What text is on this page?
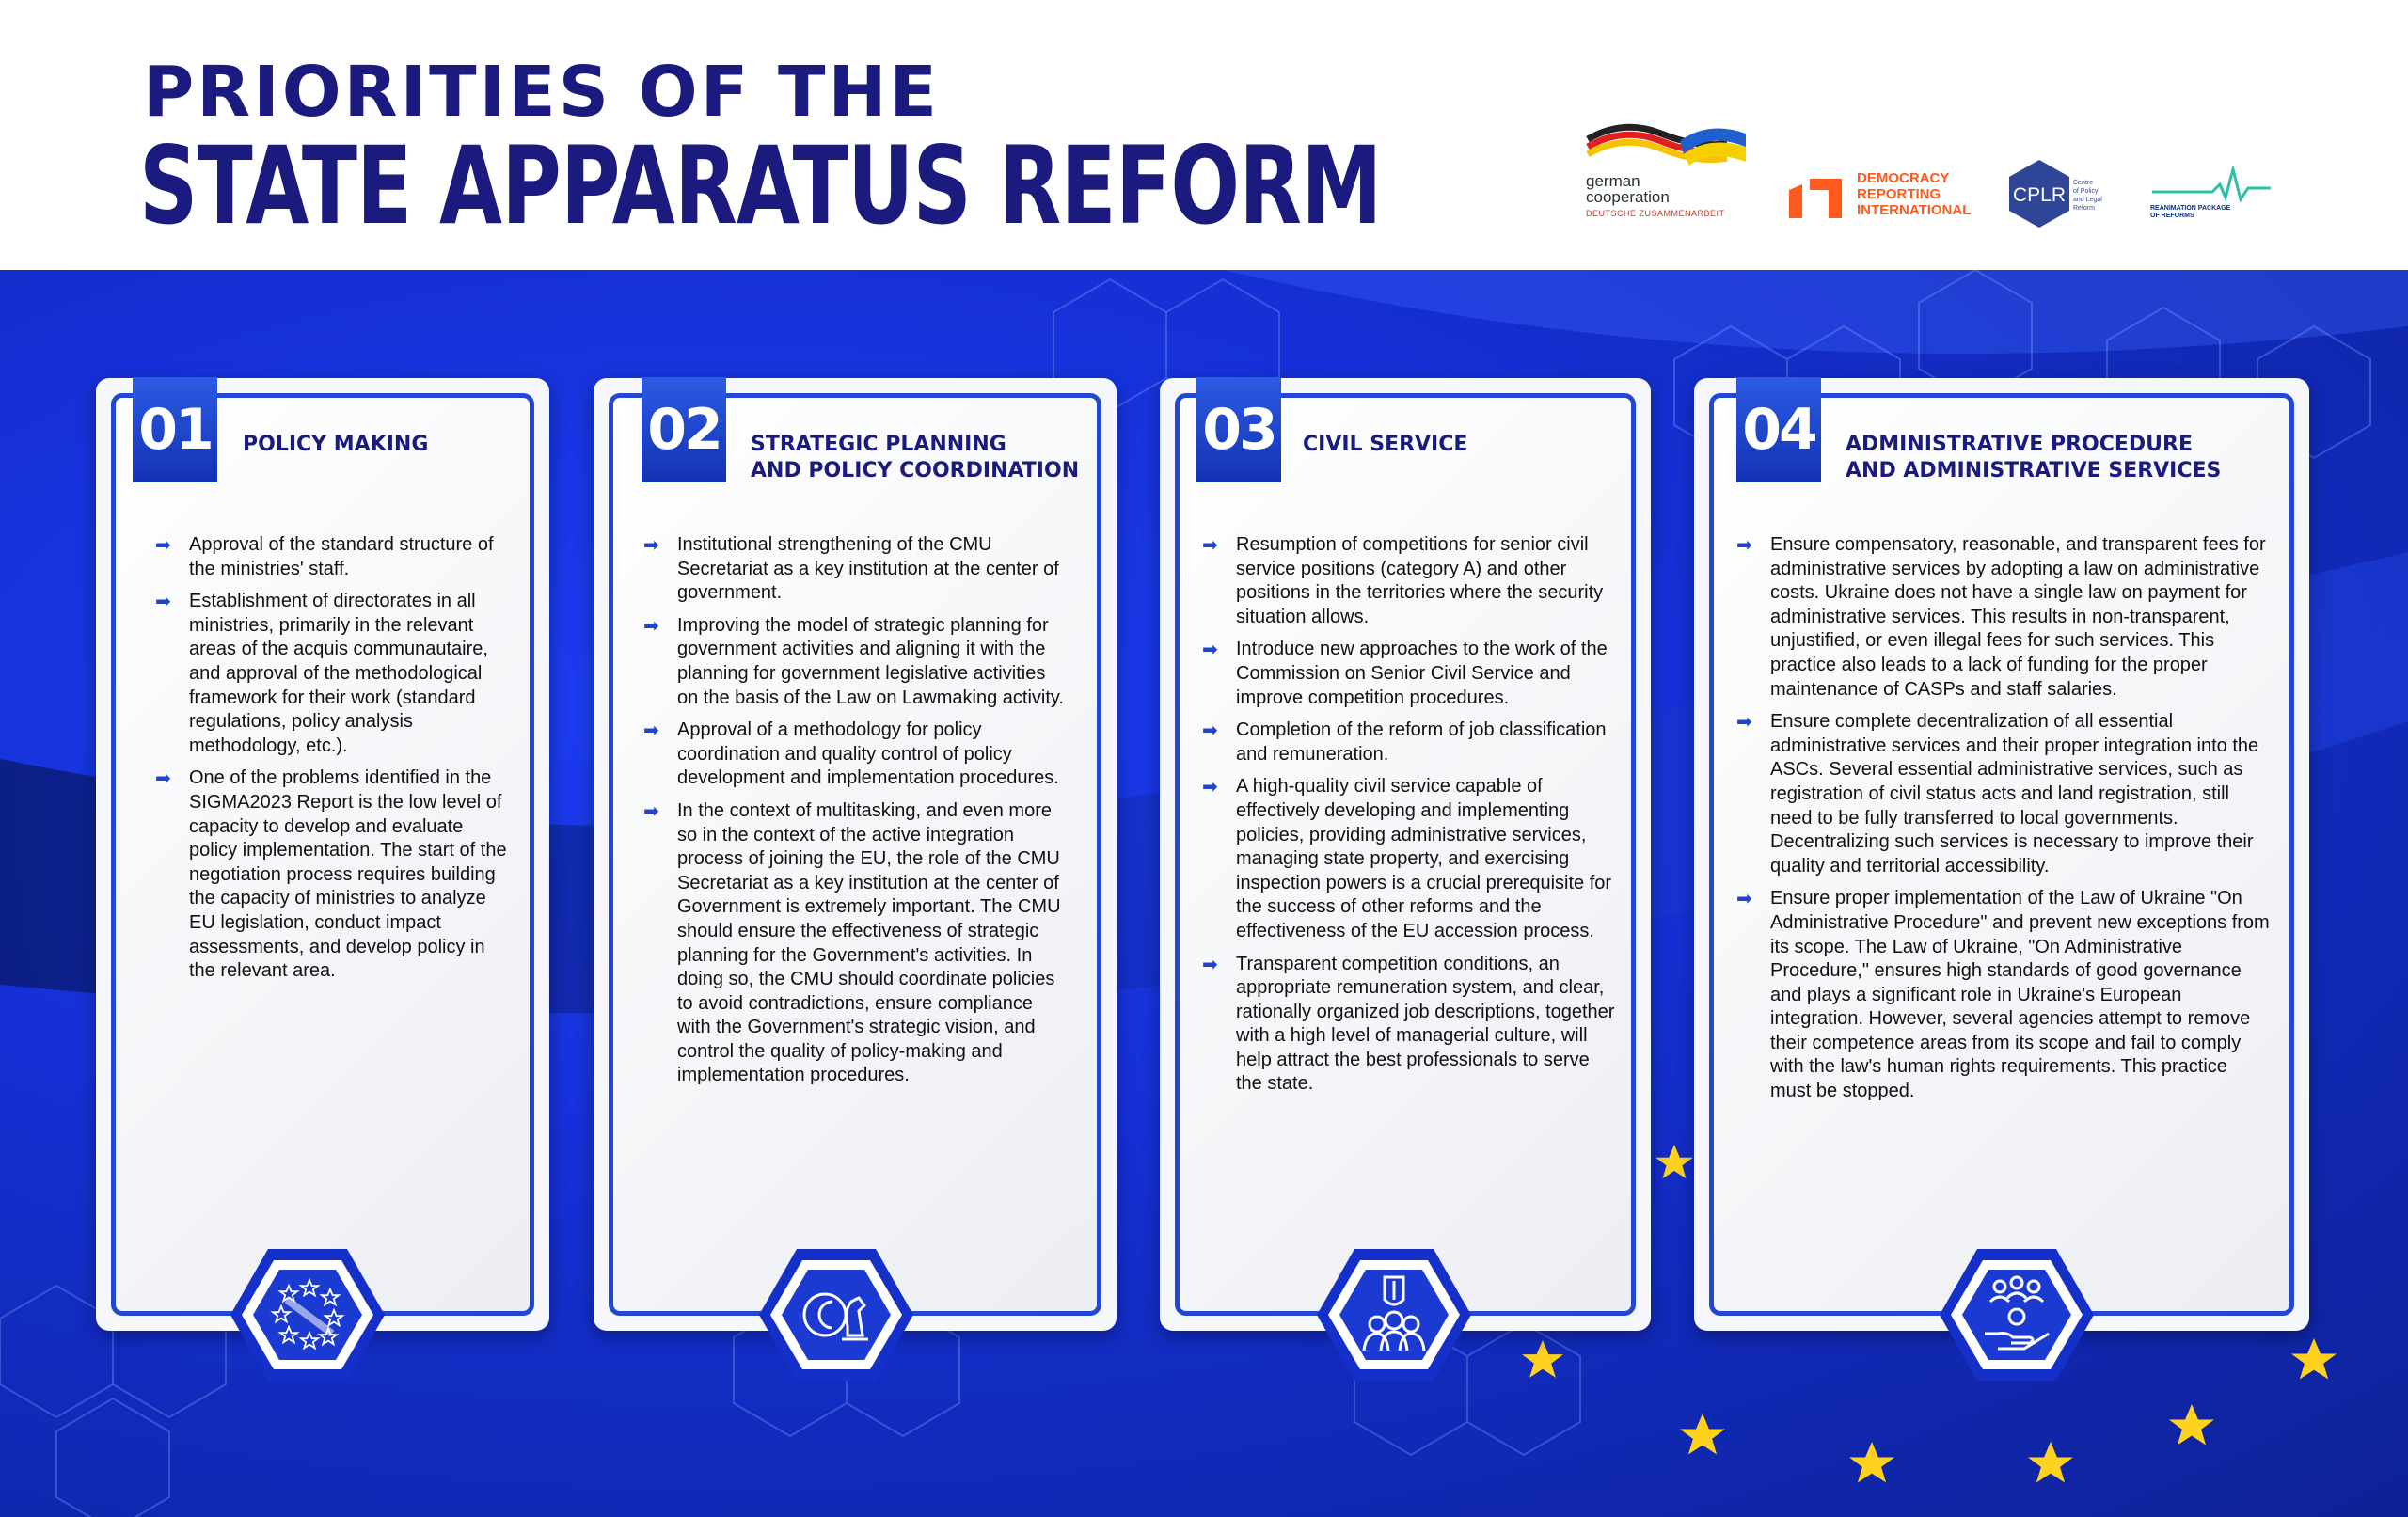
PRIORITIES OF THE
STATE APPARATUS REFORM	german
cooperation
DEUTSCHE ZUSAMMENARBEIT
DEMOCRACY
REPORTING
INTERNATIONAL
CPLR
Centre
of Policy
and Legal
Reform	REANIMATION PACKAGE
OF REFORMS
01 POLICY MAKING
➡ Approval of the standard structure of the ministries' staff.
➡ Establishment of directorates in all ministries, primarily in the relevant areas of the acquis communautaire, and approval of the methodological framework for their work (standard regulations, policy analysis methodology, etc.).
➡ One of the problems identified in the SIGMA2023 Report is the low level of capacity to develop and evaluate policy implementation. The start of the negotiation process requires building the capacity of ministries to analyze EU legislation, conduct impact assessments, and develop policy in the relevant area.
02 STRATEGIC PLANNING
AND POLICY COORDINATION
➡ Institutional strengthening of the CMU Secretariat as a key institution at the center of government.
➡ Improving the model of strategic planning for government activities and aligning it with the planning for government legislative activities on the basis of the Law on Lawmaking activity.
➡ Approval of a methodology for policy coordination and quality control of policy development and implementation procedures.
➡ In the context of multitasking, and even more so in the context of the active integration process of joining the EU, the role of the CMU Secretariat as a key institution at the center of Government is extremely important. The CMU should ensure the effectiveness of strategic planning for the Government's activities. In doing so, the CMU should coordinate policies to avoid contradictions, ensure compliance with the Government's strategic vision, and control the quality of policy-making and implementation procedures.
03 CIVIL SERVICE
➡ Resumption of competitions for senior civil service positions (category A) and other positions in the territories where the security situation allows.
➡ Introduce new approaches to the work of the Commission on Senior Civil Service and improve competition procedures.
➡ Completion of the reform of job classification and remuneration.
➡ A high-quality civil service capable of effectively developing and implementing policies, providing administrative services, managing state property, and exercising inspection powers is a crucial prerequisite for the success of other reforms and the effectiveness of the EU accession process.
➡ Transparent competition conditions, an appropriate remuneration system, and clear, rationally organized job descriptions, together with a high level of managerial culture, will help attract the best professionals to serve the state.
04 ADMINISTRATIVE PROCEDURE
AND ADMINISTRATIVE SERVICES
➡ Ensure compensatory, reasonable, and transparent fees for administrative services by adopting a law on administrative costs. Ukraine does not have a single law on payment for administrative services. This results in non-transparent, unjustified, or even illegal fees for such services. This practice also leads to a lack of funding for the proper maintenance of CASPs and staff salaries.
➡ Ensure complete decentralization of all essential administrative services and their proper integration into the ASCs. Several essential administrative services, such as registration of civil status acts and land registration, still need to be fully transferred to local governments. Decentralizing such services is necessary to improve their quality and territorial accessibility.
➡ Ensure proper implementation of the Law of Ukraine "On Administrative Procedure" and prevent new exceptions from its scope. The Law of Ukraine, "On Administrative Procedure," ensures high standards of good governance and plays a significant role in Ukraine's European integration. However, several agencies attempt to remove their competence areas from its scope and fail to comply with the law's human rights requirements. This practice must be stopped.
